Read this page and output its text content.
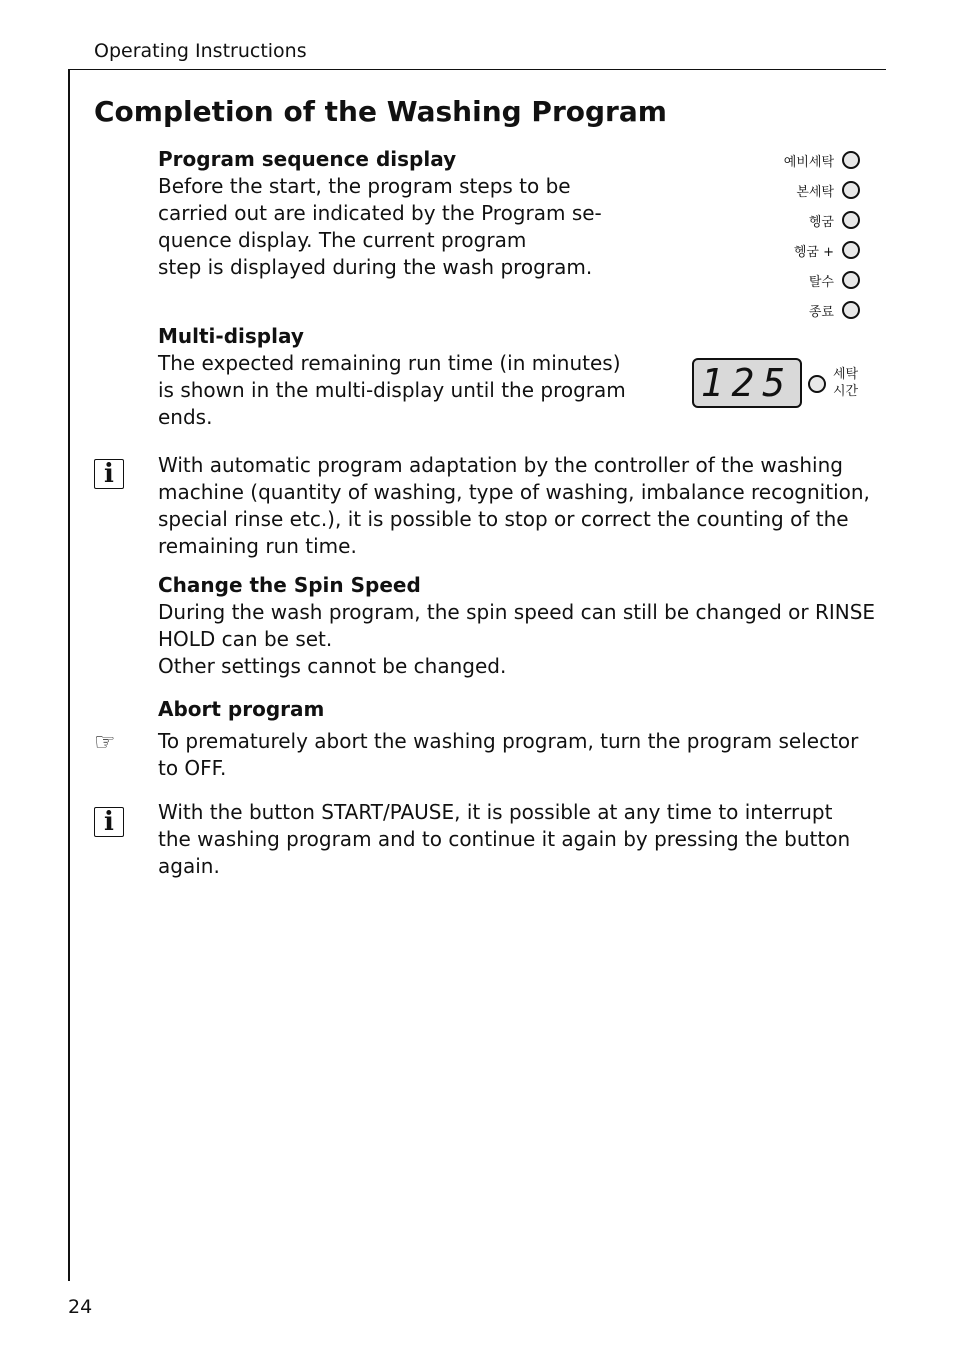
Operating Instructions
Completion of the Washing Program
Program sequence display
Before the start, the program steps to be
carried out are indicated by the Program se-
quence display. The current program
step is displayed during the wash program.
예비세탁
본세탁
헹굼
헹굼 +
탈수
종료
Multi-display
The expected remaining run time (in minutes)
is shown in the multi-display until the program
ends.
125	세탁
시간
i	With automatic program adaptation by the controller of the washing
machine (quantity of washing, type of washing, imbalance recognition,
special rinse etc.), it is possible to stop or correct the counting of the
remaining run time.
Change the Spin Speed
During the wash program, the spin speed can still be changed or RINSE
HOLD can be set.
Other settings cannot be changed.
Abort program
☞ To prematurely abort the washing program, turn the program selector
to OFF.
i	With the button START/PAUSE, it is possible at any time to interrupt
the washing program and to continue it again by pressing the button
again.
24
